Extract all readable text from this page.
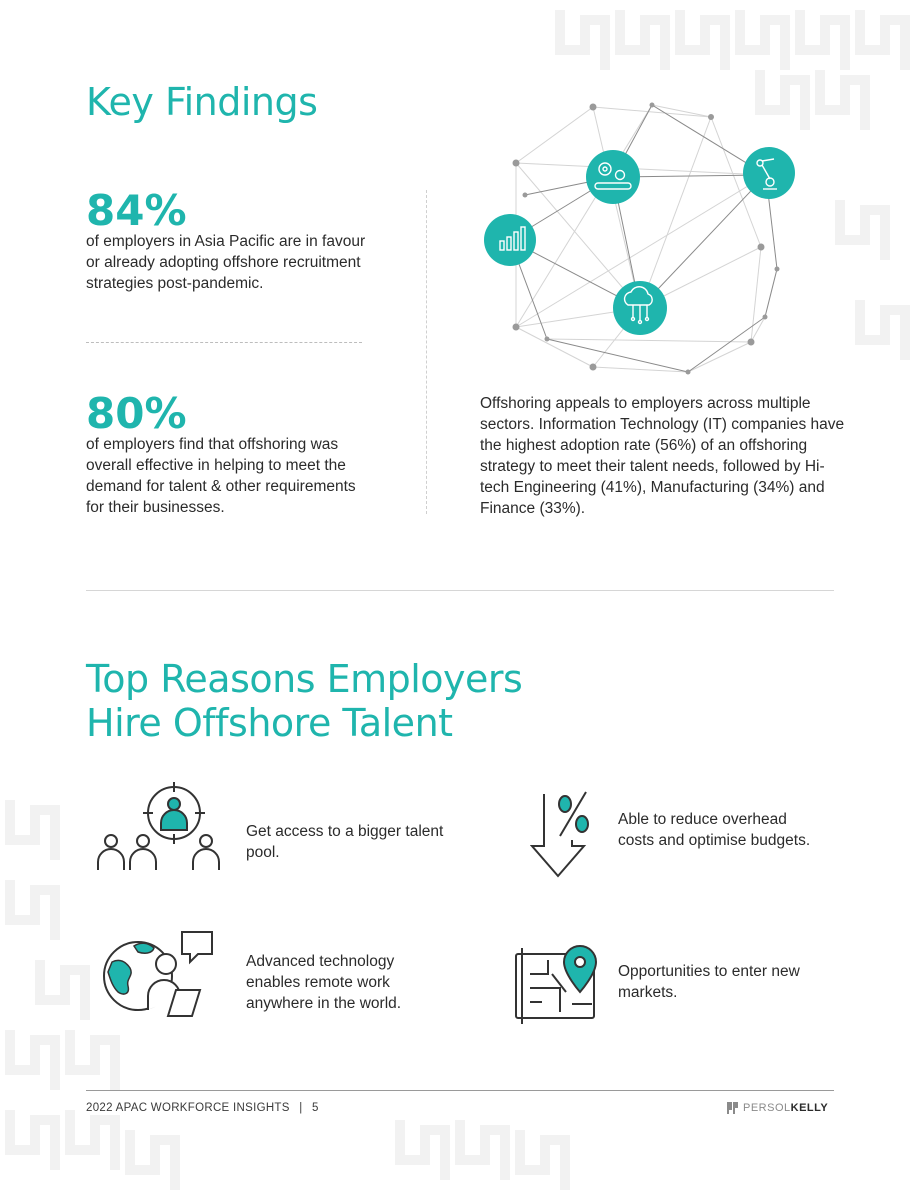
Key Findings
84%

of employers in Asia Pacific are in favour or already adopting offshore recruitment strategies post-pandemic.

80%

of employers find that offshoring was overall effective in helping to meet the demand for talent & other requirements for their businesses.

Offshoring appeals to employers across multiple sectors. Information Technology (IT) companies have the highest adoption rate (56%) of an offshoring strategy to meet their talent needs, followed by Hi-tech Engineering (41%), Manufacturing (34%) and Finance (33%).

Top Reasons Employers
Hire Offshore Talent

Get access to a bigger talent pool.

Able to reduce overhead costs and optimise budgets.

Advanced technology enables remote work anywhere in the world.

Opportunities to enter new markets.

2022 APAC WORKFORCE INSIGHTS | 5	PERSOLKELLY
